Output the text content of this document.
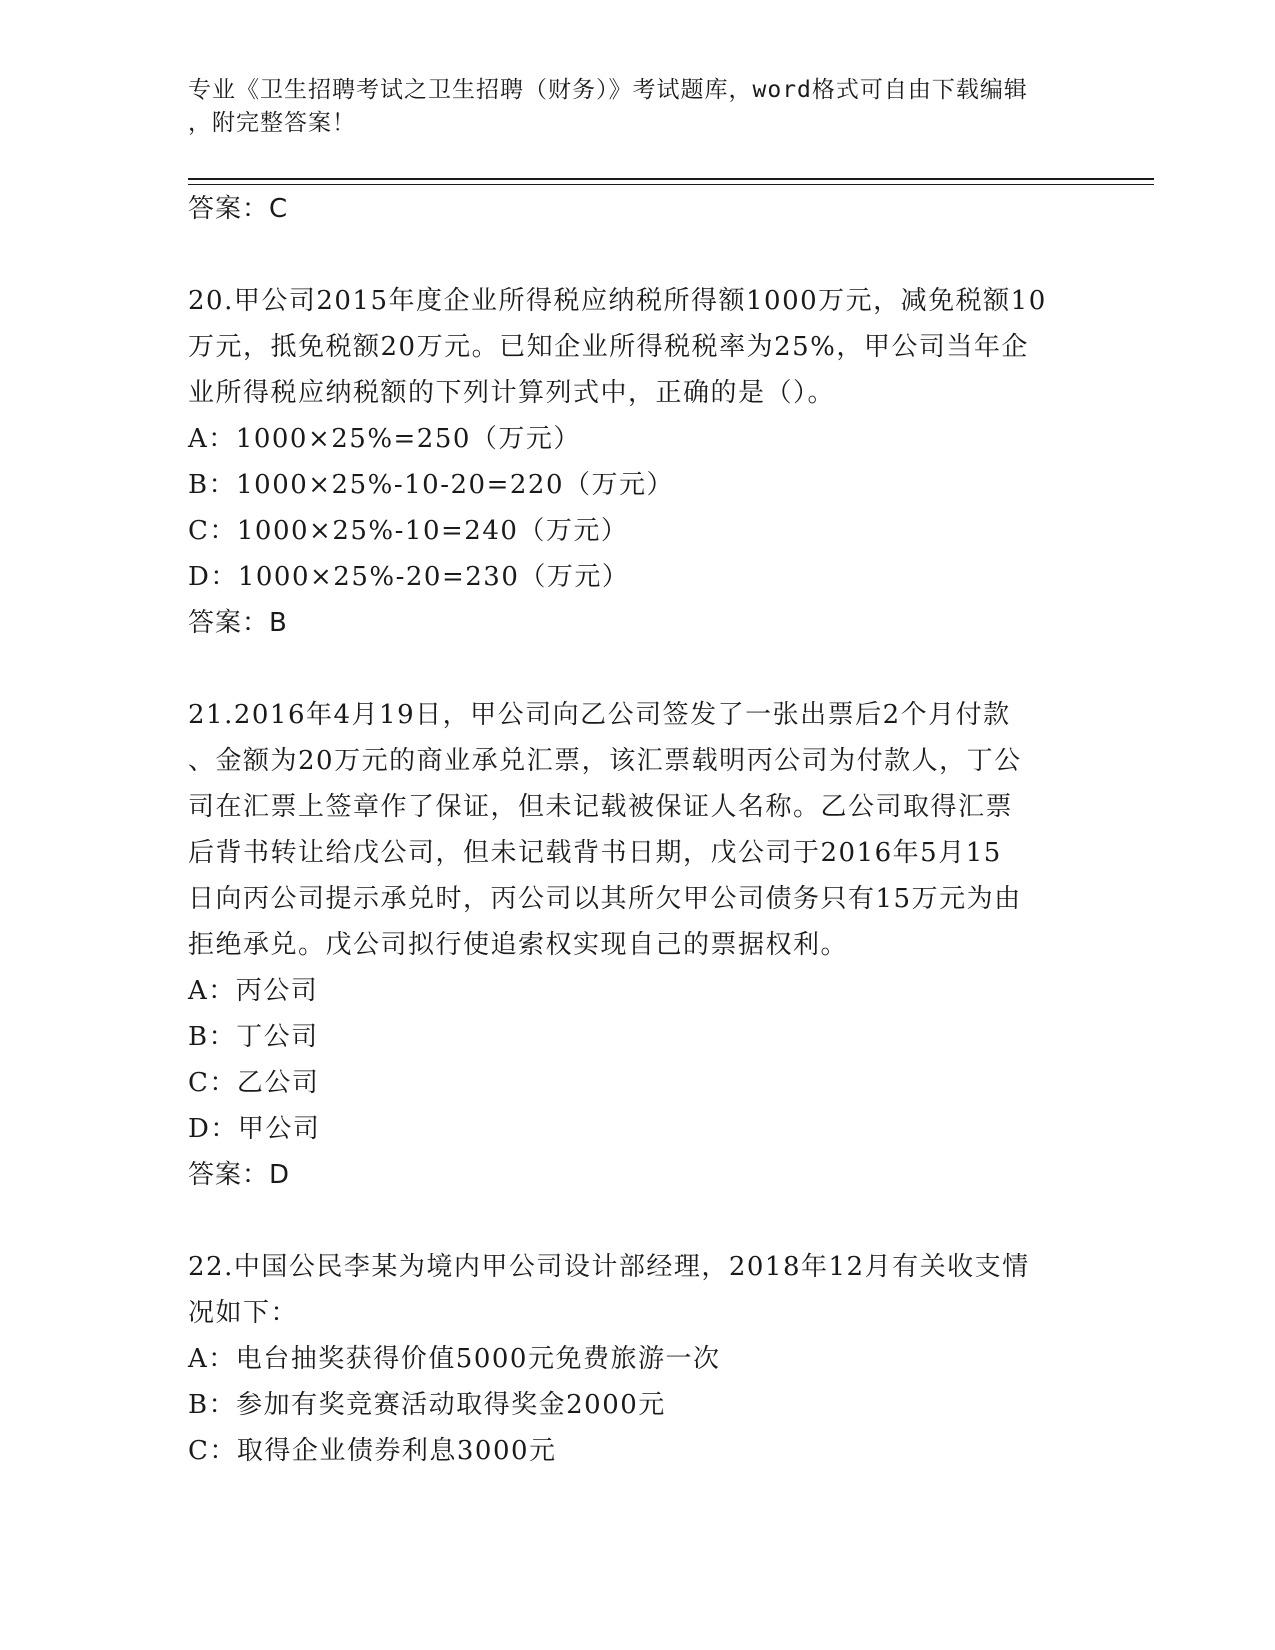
专业《卫生招聘考试之卫生招聘（财务）》考试题库，word格式可自由下载编辑
，附完整答案！
答案：C
20.甲公司2015年度企业所得税应纳税所得额1000万元，减免税额10
万元，抵免税额20万元。已知企业所得税税率为25%，甲公司当年企
业所得税应纳税额的下列计算列式中，正确的是（）。
A：1000×25%=250（万元）
B：1000×25%-10-20=220（万元）
C：1000×25%-10=240（万元）
D：1000×25%-20=230（万元）
答案：B
21.2016年4月19日，甲公司向乙公司签发了一张出票后2个月付款
、金额为20万元的商业承兑汇票，该汇票载明丙公司为付款人，丁公
司在汇票上签章作了保证，但未记载被保证人名称。乙公司取得汇票
后背书转让给戊公司，但未记载背书日期，戊公司于2016年5月15
日向丙公司提示承兑时，丙公司以其所欠甲公司债务只有15万元为由
拒绝承兑。戊公司拟行使追索权实现自己的票据权利。
A：丙公司
B：丁公司
C：乙公司
D：甲公司
答案：D
22.中国公民李某为境内甲公司设计部经理，2018年12月有关收支情
况如下：
A：电台抽奖获得价值5000元免费旅游一次
B：参加有奖竞赛活动取得奖金2000元
C：取得企业债券利息3000元
